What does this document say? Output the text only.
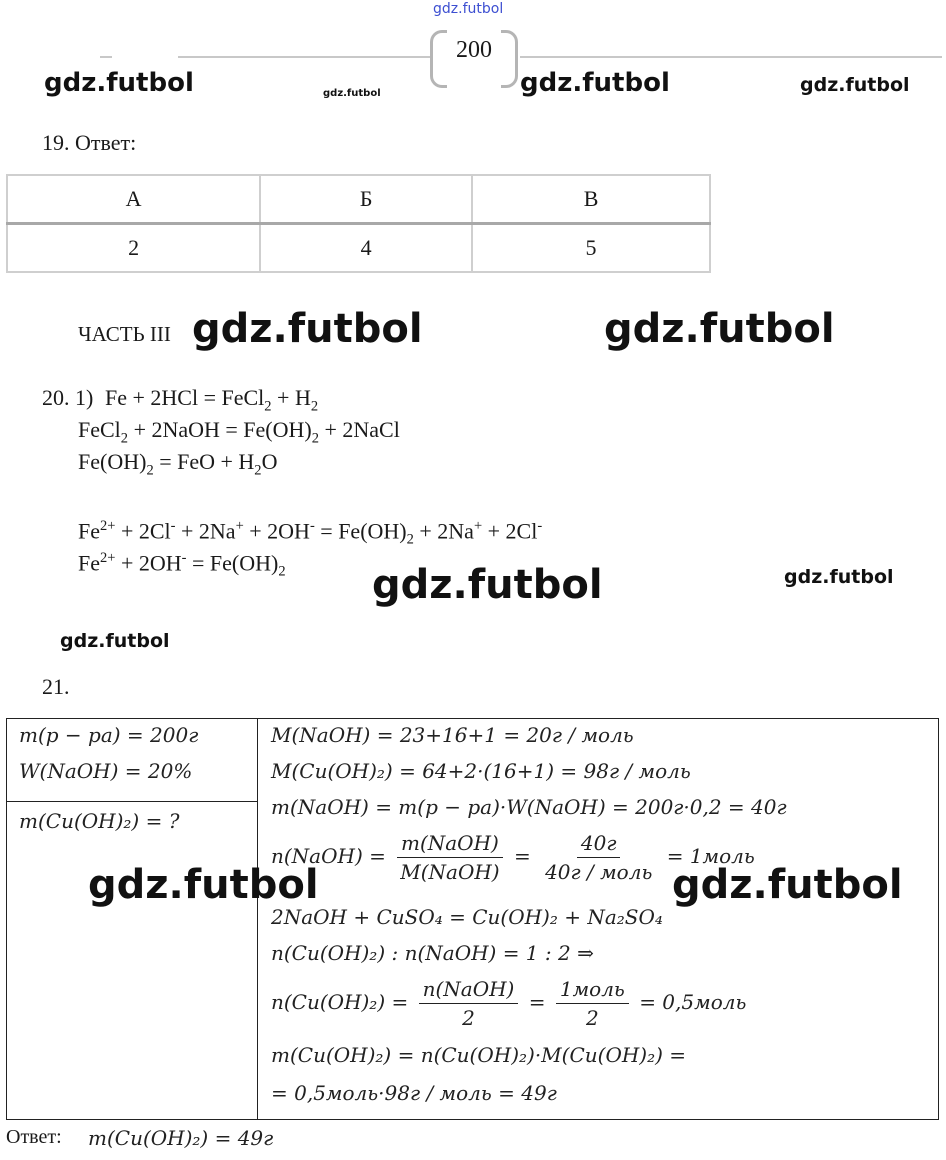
200
gdz.futbol
gdz.futbol	gdz.futbol	gdz.futbol	gdz.futbol
gdz.futbol	gdz.futbol
gdz.futbol	gdz.futbol
gdz.futbol
19. Ответ:
А	Б	В
2	4	5
ЧАСТЬ III
20. 1) Fe + 2HCl = FeCl$_2$ + $H_2$
FeCl$_2$ + 2NaOH = $Fe(OH)_2$ + 2NaCl
$Fe(OH)_2$ = FeO + $H_2O$
$Fe^{2+} + 2Cl^- + 2Na^+ + 2OH^- = Fe(OH)_2 + 2Na^+ + 2Cl^-$
$Fe^{2+} + 2OH^- = Fe(OH)_2$
21.
m(p − pa) = 200г
W(NaOH) = 20%
m(Cu(OH)₂) = ?
M(NaOH) = 23+16+1 = 20г / моль
M(Cu(OH)₂) = 64+2·(16+1) = 98г / моль
m(NaOH) = m(p − pa)·W(NaOH) = 200г·0,2 = 40г
n(NaOH) = $\frac{\text{m(NaOH)}}{\text{M(NaOH)}} = \frac{40г}{\text{40г / моль}}$ = 1моль
2NaOH + CuSO₄ = Cu(OH)₂ + Na₂SO₄
n(Cu(OH)₂) : n(NaOH) = 1 : 2 ⇒
$n(Cu(OH)_2) = \frac{\text{n(NaOH)}}{2} = \frac{\text{1моль}}{2}$ = 0,5моль
m(Cu(OH)₂) = n(Cu(OH)₂)·M(Cu(OH)₂) =
= 0,5моль·98г / моль = 49г
gdz.futbol	gdz.futbol
Ответ: m(Cu(OH)₂) = 49г
